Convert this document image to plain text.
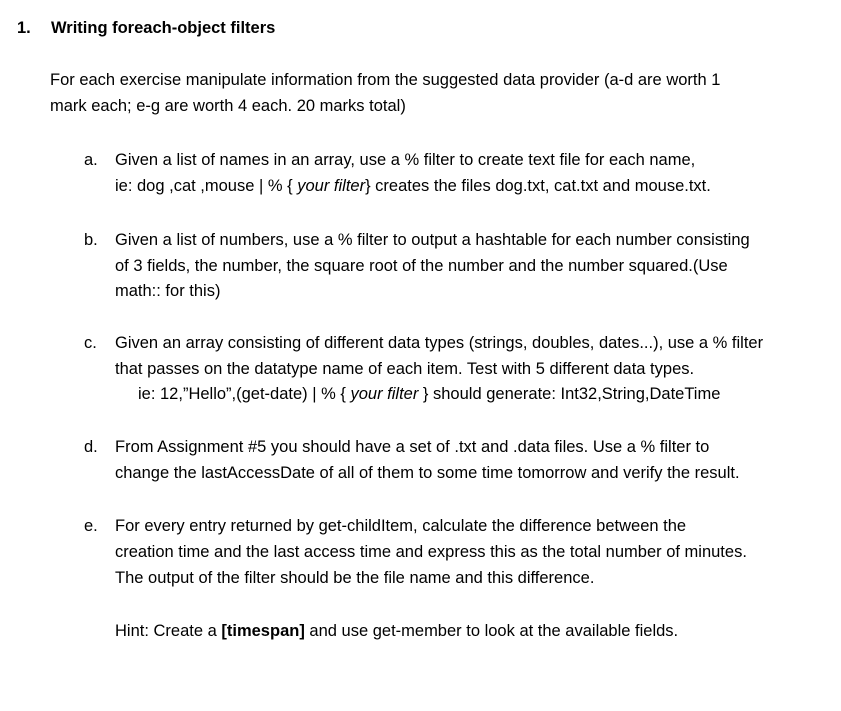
1. Writing foreach-object filters
For each exercise manipulate information from the suggested data provider (a-d are worth 1
mark each; e-g are worth 4 each. 20 marks total)
a. Given a list of names in an array, use a % filter to create text file for each name,
ie: dog ,cat ,mouse | % { your filter} creates the files dog.txt, cat.txt and mouse.txt.
b. Given a list of numbers, use a % filter to output a hashtable for each number consisting
of 3 fields, the number, the square root of the number and the number squared.(Use
math:: for this)
c. Given an array consisting of different data types (strings, doubles, dates...), use a % filter
that passes on the datatype name of each item. Test with 5 different data types.
ie: 12,”Hello”,(get-date) | % { your filter } should generate: Int32,String,DateTime
d. From Assignment #5 you should have a set of .txt and .data files. Use a % filter to
change the lastAccessDate of all of them to some time tomorrow and verify the result.
e. For every entry returned by get-childItem, calculate the difference between the
creation time and the last access time and express this as the total number of minutes.
The output of the filter should be the file name and this difference.
Hint: Create a [timespan] and use get-member to look at the available fields.
